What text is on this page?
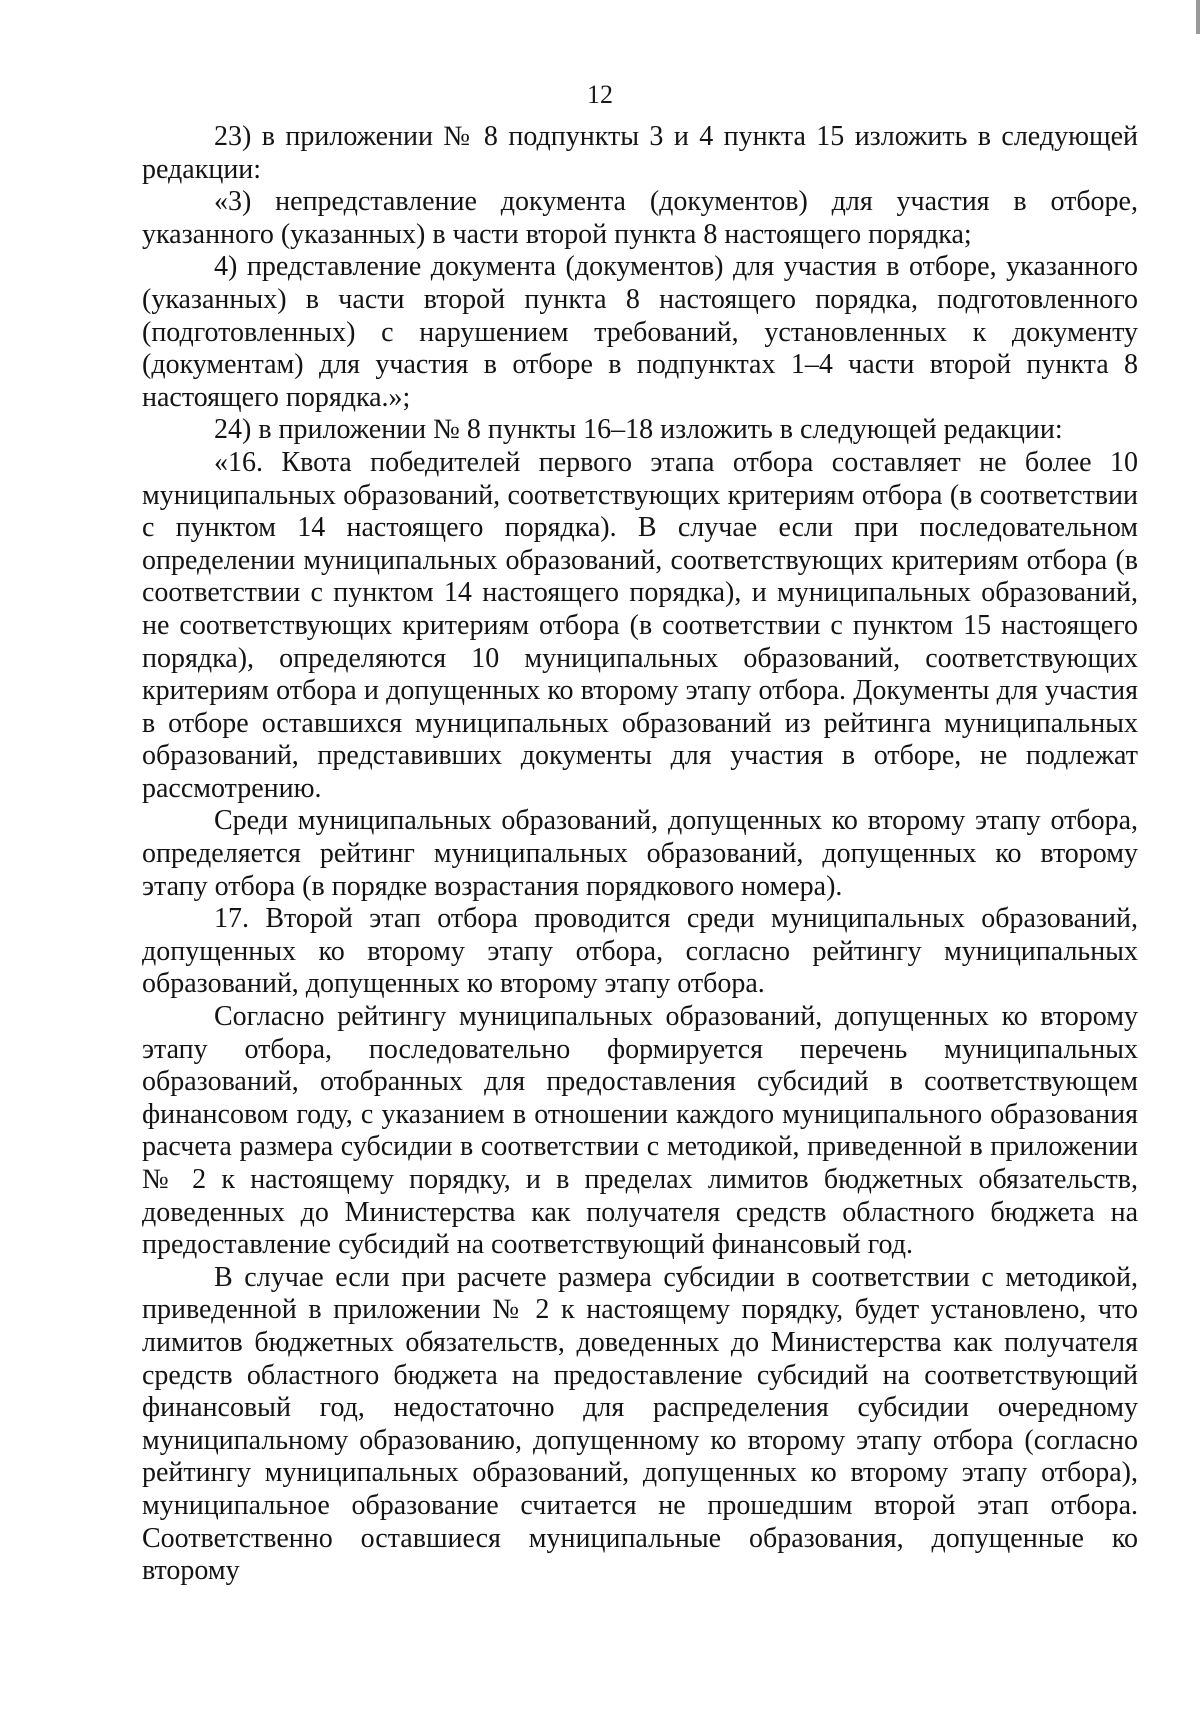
12

23) в приложении № 8 подпункты 3 и 4 пункта 15 изложить в следующей редакции:

«3) непредставление документа (документов) для участия в отборе, указанного (указанных) в части второй пункта 8 настоящего порядка;

4) представление документа (документов) для участия в отборе, указанного (указанных) в части второй пункта 8 настоящего порядка, подготовленного (подготовленных) с нарушением требований, установленных к документу (документам) для участия в отборе в подпунктах 1–4 части второй пункта 8 настоящего порядка.»;

24) в приложении № 8 пункты 16–18 изложить в следующей редакции:

«16. Квота победителей первого этапа отбора составляет не более 10 муниципальных образований, соответствующих критериям отбора (в соответствии с пунктом 14 настоящего порядка). В случае если при последовательном определении муниципальных образований, соответствующих критериям отбора (в соответствии с пунктом 14 настоящего порядка), и муниципальных образований, не соответствующих критериям отбора (в соответствии с пунктом 15 настоящего порядка), определяются 10 муниципальных образований, соответствующих критериям отбора и допущенных ко второму этапу отбора. Документы для участия в отборе оставшихся муниципальных образований из рейтинга муниципальных образований, представивших документы для участия в отборе, не подлежат рассмотрению.

Среди муниципальных образований, допущенных ко второму этапу отбора, определяется рейтинг муниципальных образований, допущенных ко второму этапу отбора (в порядке возрастания порядкового номера).

17. Второй этап отбора проводится среди муниципальных образований, допущенных ко второму этапу отбора, согласно рейтингу муниципальных образований, допущенных ко второму этапу отбора.

Согласно рейтингу муниципальных образований, допущенных ко второму этапу отбора, последовательно формируется перечень муниципальных образований, отобранных для предоставления субсидий в соответствующем финансовом году, с указанием в отношении каждого муниципального образования расчета размера субсидии в соответствии с методикой, приведенной в приложении № 2 к настоящему порядку, и в пределах лимитов бюджетных обязательств, доведенных до Министерства как получателя средств областного бюджета на предоставление субсидий на соответствующий финансовый год.

В случае если при расчете размера субсидии в соответствии с методикой, приведенной в приложении № 2 к настоящему порядку, будет установлено, что лимитов бюджетных обязательств, доведенных до Министерства как получателя средств областного бюджета на предоставление субсидий на соответствующий финансовый год, недостаточно для распределения субсидии очередному муниципальному образованию, допущенному ко второму этапу отбора (согласно рейтингу муниципальных образований, допущенных ко второму этапу отбора), муниципальное образование считается не прошедшим второй этап отбора. Соответственно оставшиеся муниципальные образования, допущенные ко второму
